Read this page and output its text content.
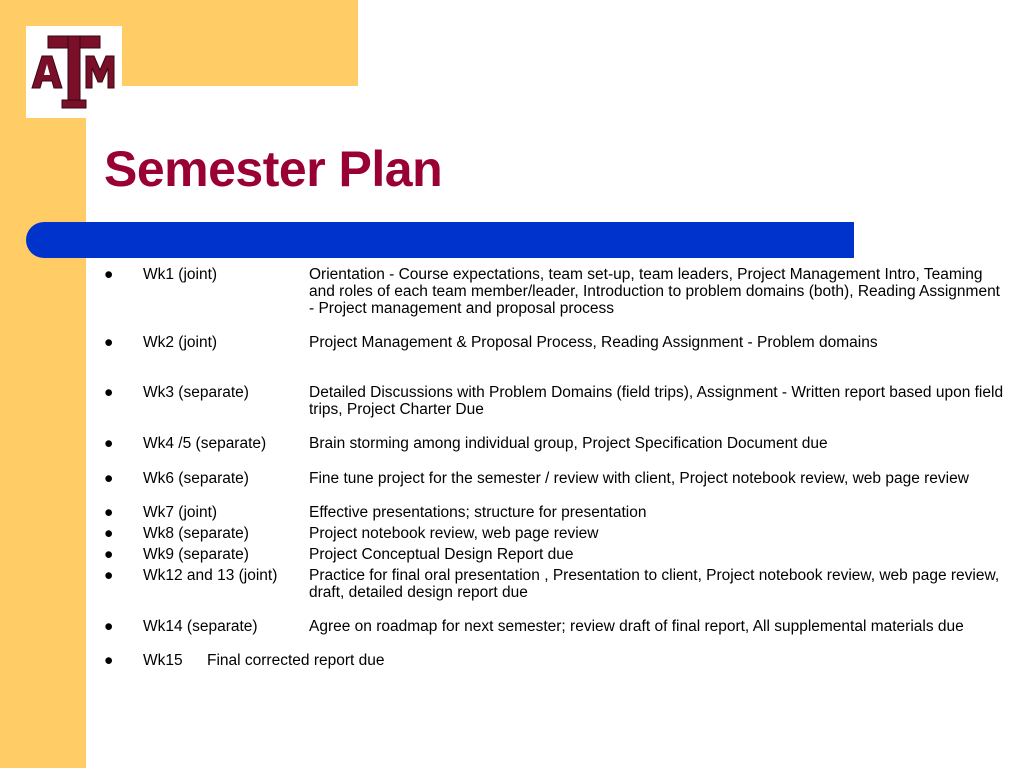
Semester Plan
● Wk1 (joint)	Orientation - Course expectations, team set-up, team leaders, Project Management Intro, Teaming and roles of each team member/leader, Introduction to problem domains (both), Reading Assignment - Project management and proposal process
● Wk2 (joint)	Project Management & Proposal Process, Reading Assignment - Problem domains
● Wk3 (separate)	Detailed Discussions with Problem Domains (field trips), Assignment - Written report based upon field trips, Project Charter Due
● Wk4 /5 (separate)	Brain storming among individual group, Project Specification Document due
● Wk6 (separate)	Fine tune project for the semester / review with client, Project notebook review, web page review
● Wk7 (joint)	Effective presentations; structure for presentation
● Wk8 (separate)	Project notebook review, web page review
● Wk9 (separate)	Project Conceptual Design Report due
● Wk12 and 13 (joint) Practice for final oral presentation , Presentation to client, Project notebook review, web page review, draft, detailed design report due
● Wk14 (separate)	Agree on roadmap for next semester; review draft of final report, All supplemental materials due
● Wk15 Final corrected report due
